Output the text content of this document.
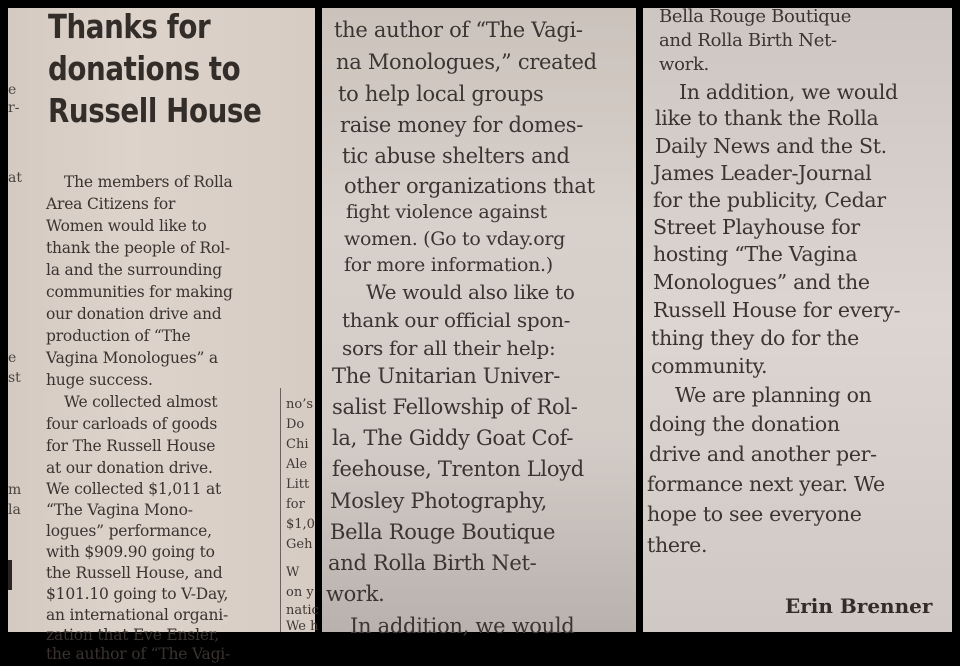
Thanks for
donations to
Russell House
e
r-
at
e
st
m
la
The members of Rolla
Area Citizens for
Women would like to
thank the people of Rol-
la and the surrounding
communities for making
our donation drive and
production of “The
Vagina Monologues” a
huge success.
We collected almost
four carloads of goods
for The Russell House
at our donation drive.
We collected $1,011 at
“The Vagina Mono-
logues” performance,
with $909.90 going to
the Russell House, and
$101.10 going to V-Day,
an international organi-
zation that Eve Ensler,
the author of “The Vagi-
no’s
Do
Chi
Ale
Litt
for
$1,0
Geh
W
on y
natic
We h
the author of “The Vagi-
na Monologues,” created
to help local groups
raise money for domes-
tic abuse shelters and
other organizations that
fight violence against
women. (Go to vday.org
for more information.)
We would also like to
thank our official spon-
sors for all their help:
The Unitarian Univer-
salist Fellowship of Rol-
la, The Giddy Goat Cof-
feehouse, Trenton Lloyd
Mosley Photography,
Bella Rouge Boutique
and Rolla Birth Net-
work.
In addition, we would
Bella Rouge Boutique
and Rolla Birth Net-
work.
In addition, we would
like to thank the Rolla
Daily News and the St.
James Leader-Journal
for the publicity, Cedar
Street Playhouse for
hosting “The Vagina
Monologues” and the
Russell House for every-
thing they do for the
community.
We are planning on
doing the donation
drive and another per-
formance next year. We
hope to see everyone
there.
Erin Brenner
